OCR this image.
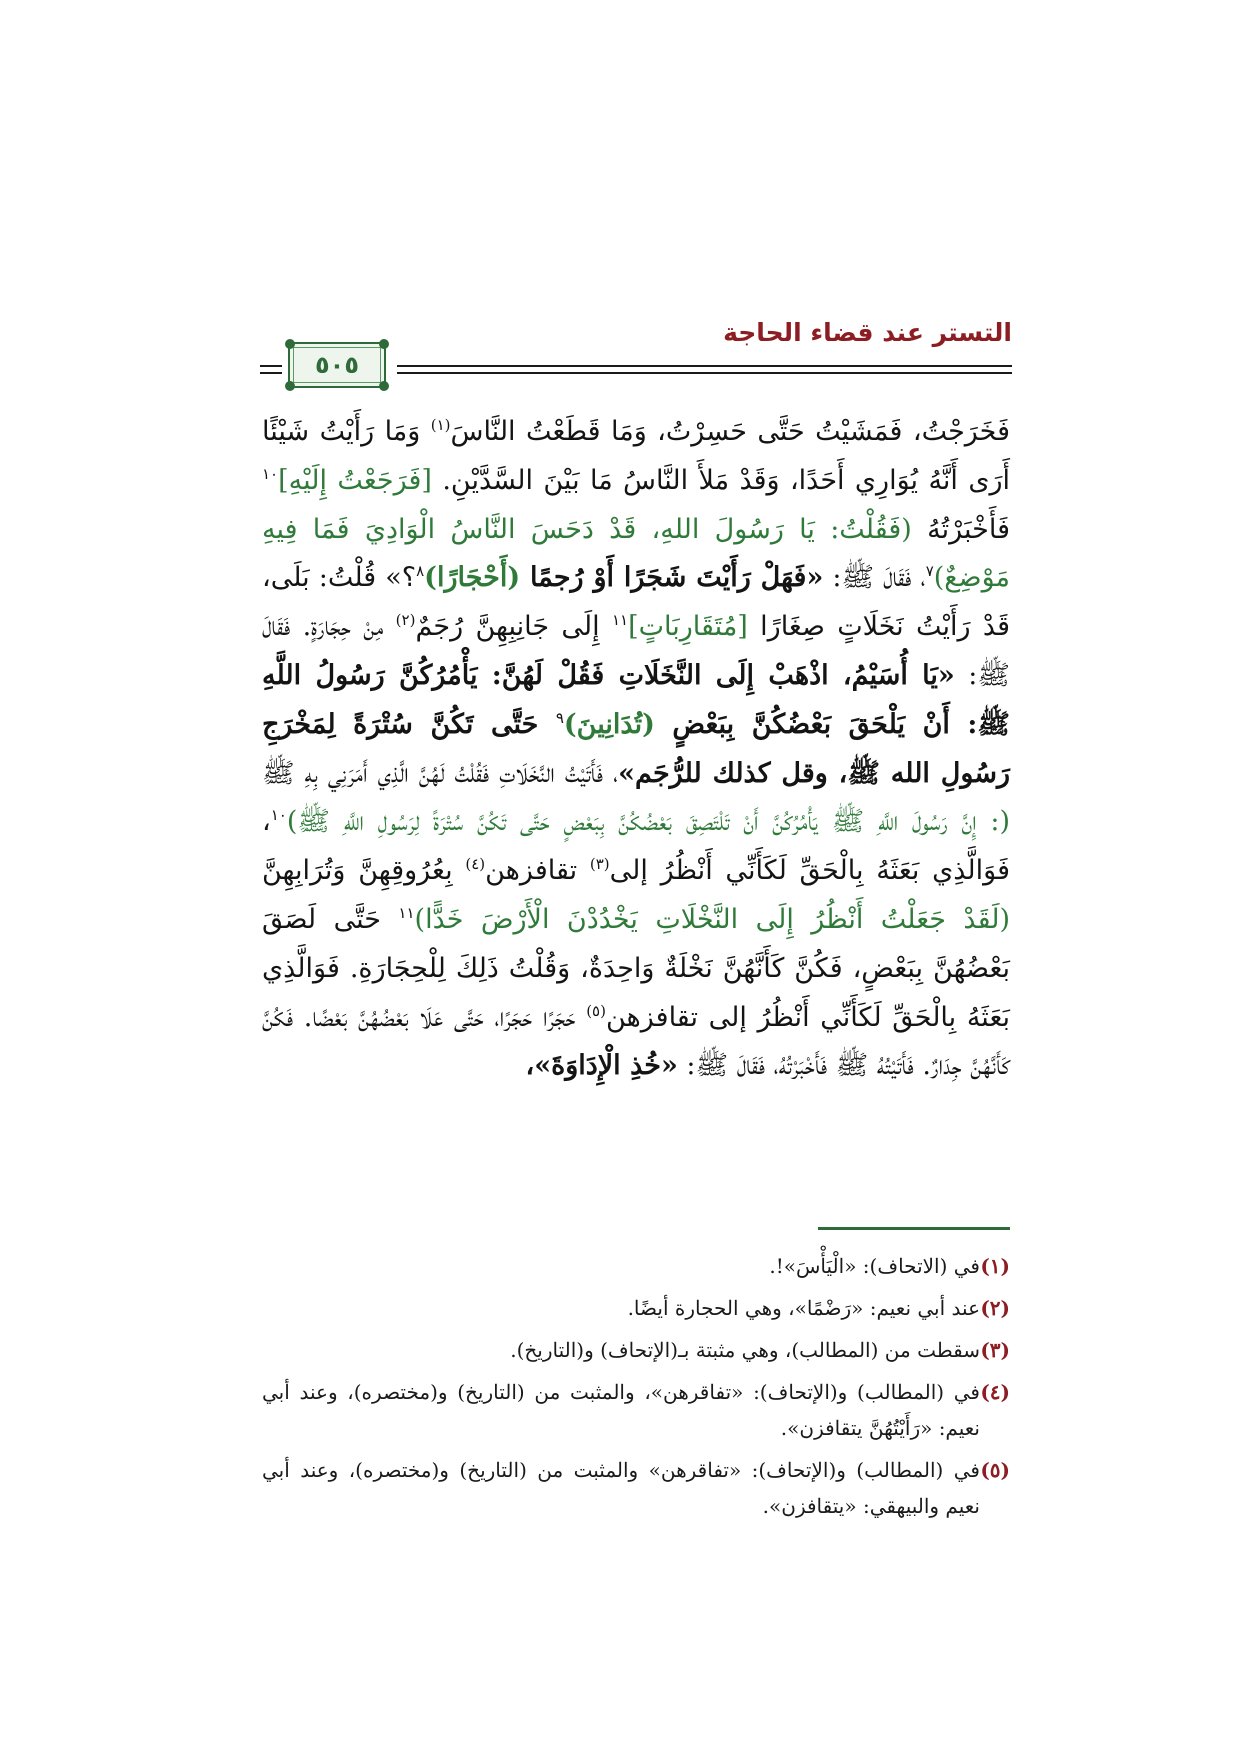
التستر عند قضاء الحاجة
٥٠٥

فَخَرَجْتُ، فَمَشَيْتُ حَتَّى حَسِرْتُ، وَمَا قَطَعْتُ النَّاسَ$^{(١)}$ وَمَا رَأَيْتُ شَيْئًا أَرَى أَنَّهُ يُوَارِي أَحَدًا، وَقَدْ مَلأَ النَّاسُ مَا بَيْنَ السَّدَّيْنِ. [فَرَجَعْتُ إِلَيْهِ]$^{١٠}$ فَأَخْبَرْتُهُ (فَقُلْتُ: يَا رَسُولَ اللهِ، قَدْ دَحَسَ النَّاسُ الْوَادِيَ فَمَا فِيهِ مَوْضِعٌ)$^٧$، فَقَالَ ﷺ: «فَهَلْ رَأَيْتَ شَجَرًا أَوْ رُجمًا (أَحْجَارًا)$^٨$؟» قُلْتُ: بَلَى، قَدْ رَأَيْتُ نَخَلَاتٍ صِغَارًا [مُتَقَارِبَاتٍ]$^{١١}$ إِلَى جَانِبِهِنَّ رُجَمٌ$^{(٢)}$ مِنْ حِجَارَةٍ. فَقَالَ ﷺ: «يَا أُسَيْمُ، اذْهَبْ إِلَى النَّخَلَاتِ فَقُلْ لَهُنَّ: يَأْمُرُكُنَّ رَسُولُ اللَّهِ ﷺ: أَنْ يَلْحَقَ بَعْضُكُنَّ بِبَعْضٍ (تُدَانِينَ)$^٩$ حَتَّى تَكُنَّ سُتْرَةً لِمَخْرَجِ رَسُولِ الله ﷺ، وقل كذلك للرُّجَم»، فَأَتَيْتُ النَّخَلَاتِ فَقُلْتُ لَهُنَّ الَّذِي أَمَرَنِي بِهِ ﷺ (: إِنَّ رَسُولَ اللَّهِ ﷺ يَأْمُرُكُنَّ أَنْ تَلْتَصِقَ بَعْضُكُنَّ بِبَعْضٍ حَتَّى تَكُنَّ سُتْرَةً لِرَسُولِ اللَّهِ ﷺ)$^{١٠}$، فَوَالَّذِي بَعَثَهُ بِالْحَقِّ لَكَأَنِّي أَنْظُرُ إلى$^{(٣)}$ تقافزهن$^{(٤)}$ بِعُرُوقِهِنَّ وَتُرَابِهِنَّ (لَقَدْ جَعَلْتُ أَنْظُرُ إِلَى النَّخْلَاتِ يَخْدُدْنَ الْأَرْضَ خَدًّا)$^{١١}$ حَتَّى لَصَقَ بَعْضُهُنَّ بِبَعْضٍ، فَكُنَّ كَأَنَّهُنَّ نَخْلَةٌ وَاحِدَةٌ، وَقُلْتُ ذَلِكَ لِلْحِجَارَةِ. فَوَالَّذِي بَعَثَهُ بِالْحَقِّ لَكَأَنِّي أَنْظُرُ إلى تقافزهن$^{(٥)}$ حَجَرًا حَجَرًا، حَتَّى عَلَا بَعْضُهُنَّ بَعْضًا. فَكُنَّ كَأَنَّهُنَّ جِدَارٌ. فَأَتَيْتُهُ ﷺ فَأَخْبَرْتُهُ، فَقَالَ ﷺ: «خُذِ الْإِدَاوَةَ»،

(١)
في (الاتحاف): «الْيَأْسَ»!.

(٢)
عند أبي نعيم: «رَضْمًا»، وهي الحجارة أيضًا.

(٣)
سقطت من (المطالب)، وهي مثبتة بـ(الإتحاف) و(التاريخ).

(٤)
في (المطالب) و(الإتحاف): «تفاقرهن»، والمثبت من (التاريخ) و(مختصره)، وعند أبي نعيم: «رَأَيْتُهُنَّ يتقافزن».

(٥)
في (المطالب) و(الإتحاف): «تفاقرهن» والمثبت من (التاريخ) و(مختصره)، وعند أبي نعيم والبيهقي: «يتقافزن».
